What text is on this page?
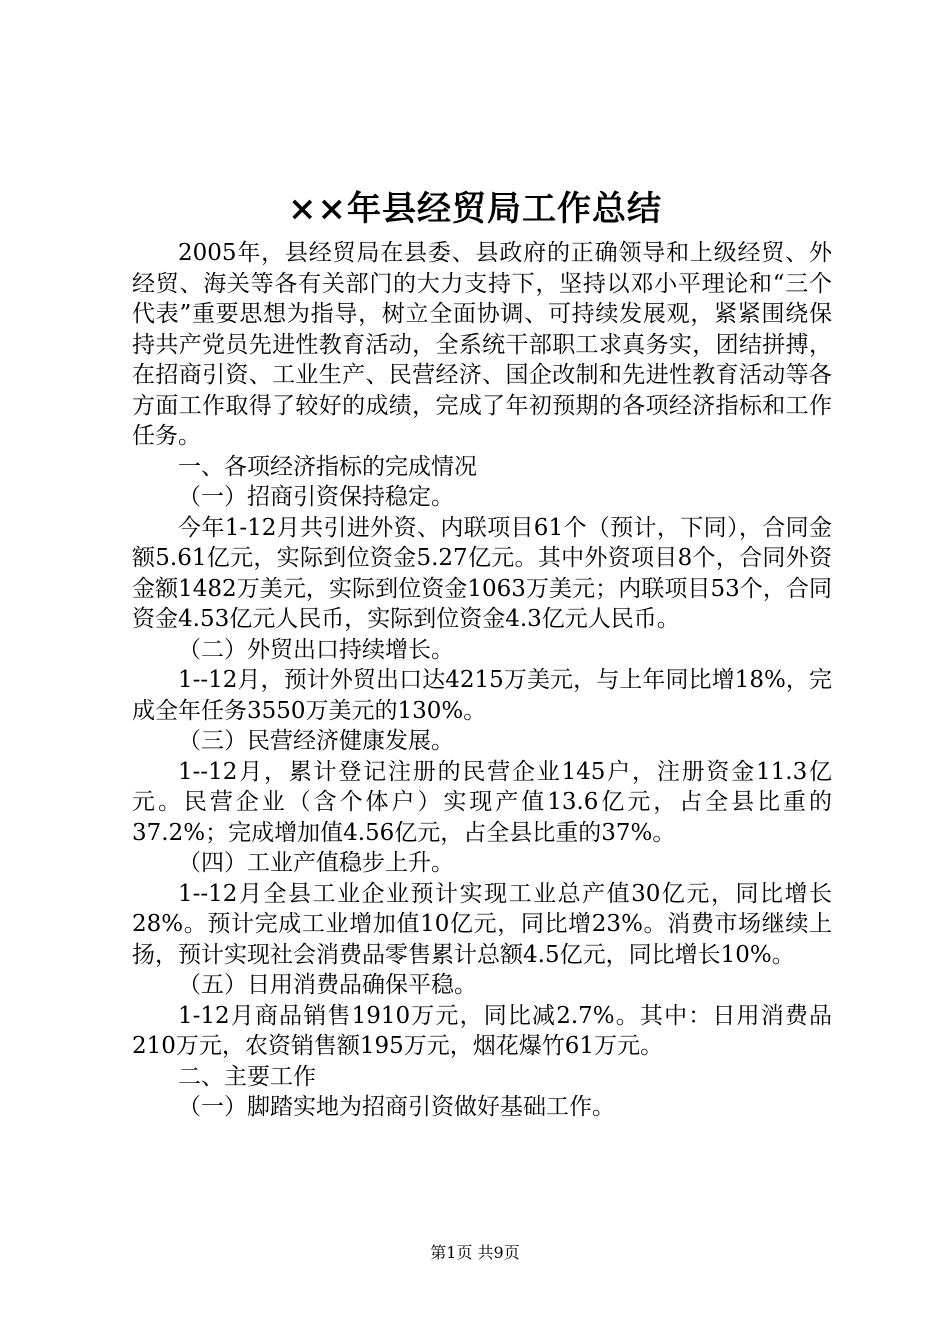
××年县经贸局工作总结

2005年，县经贸局在县委、县政府的正确领导和上级经贸、外经贸、海关等各有关部门的大力支持下，坚持以邓小平理论和“三个代表”重要思想为指导，树立全面协调、可持续发展观，紧紧围绕保持共产党员先进性教育活动，全系统干部职工求真务实，团结拼搏，在招商引资、工业生产、民营经济、国企改制和先进性教育活动等各方面工作取得了较好的成绩，完成了年初预期的各项经济指标和工作任务。

一、各项经济指标的完成情况

（一）招商引资保持稳定。

今年1-12月共引进外资、内联项目61个（预计，下同），合同金额5.61亿元，实际到位资金5.27亿元。其中外资项目8个，合同外资金额1482万美元，实际到位资金1063万美元；内联项目53个，合同资金4.53亿元人民币，实际到位资金4.3亿元人民币。

（二）外贸出口持续增长。

1--12月，预计外贸出口达4215万美元，与上年同比增18%，完成全年任务3550万美元的130%。

（三）民营经济健康发展。

1--12月，累计登记注册的民营企业145户，注册资金11.3亿元。民营企业（含个体户）实现产值13.6亿元，占全县比重的37.2%；完成增加值4.56亿元，占全县比重的37%。

（四）工业产值稳步上升。

1--12月全县工业企业预计实现工业总产值30亿元，同比增长28%。预计完成工业增加值10亿元，同比增23%。消费市场继续上扬，预计实现社会消费品零售累计总额4.5亿元，同比增长10%。

（五）日用消费品确保平稳。

1-12月商品销售1910万元，同比减2.7%。其中：日用消费品210万元，农资销售额195万元，烟花爆竹61万元。

二、主要工作

（一）脚踏实地为招商引资做好基础工作。

第1页 共9页
